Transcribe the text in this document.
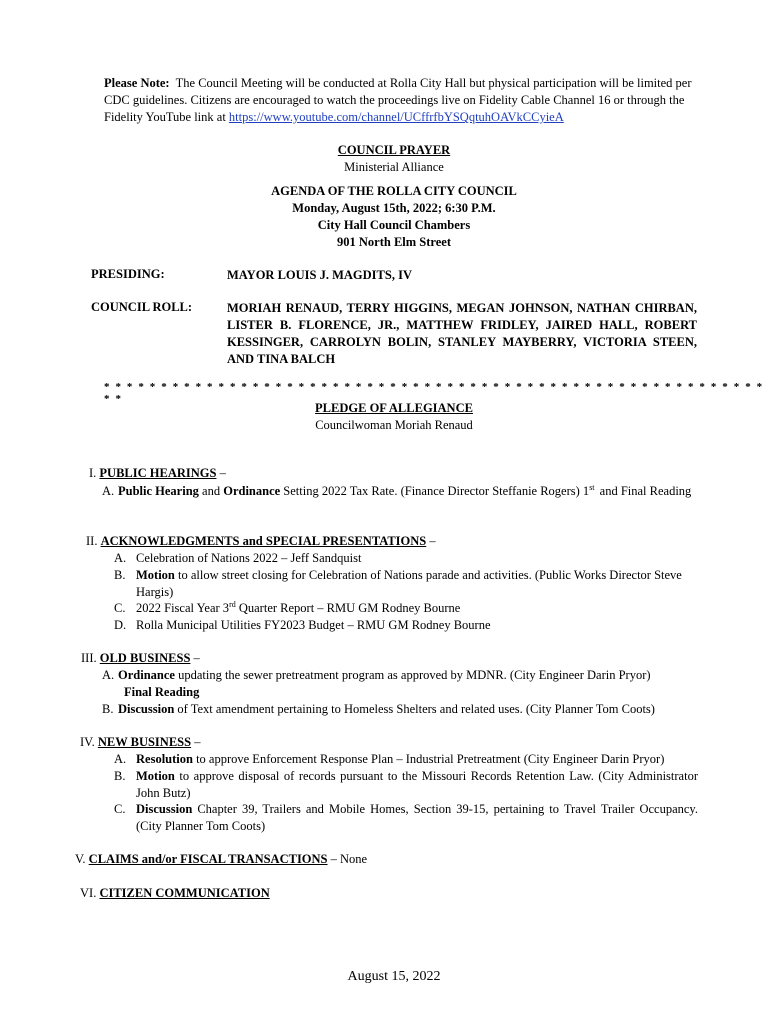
Please Note: The Council Meeting will be conducted at Rolla City Hall but physical participation will be limited per CDC guidelines. Citizens are encouraged to watch the proceedings live on Fidelity Cable Channel 16 or through the Fidelity YouTube link at https://www.youtube.com/channel/UCffrfbYSQqtuhOAVkCCyieA
COUNCIL PRAYER
Ministerial Alliance
AGENDA OF THE ROLLA CITY COUNCIL
Monday, August 15th, 2022; 6:30 P.M.
City Hall Council Chambers
901 North Elm Street
PRESIDING:	MAYOR LOUIS J. MAGDITS, IV
COUNCIL ROLL:	MORIAH RENAUD, TERRY HIGGINS, MEGAN JOHNSON, NATHAN CHIRBAN, LISTER B. FLORENCE, JR., MATTHEW FRIDLEY, JAIRED HALL, ROBERT KESSINGER, CARROLYN BOLIN, STANLEY MAYBERRY, VICTORIA STEEN, AND TINA BALCH
* * * * * * * * * * * * * * * * * * * * * * * * * * * * * * * * * * * * * * * * * * * * * * * * * * * * * * * * * * * *
PLEDGE OF ALLEGIANCE
Councilwoman Moriah Renaud
I. PUBLIC HEARINGS –
A. Public Hearing and Ordinance Setting 2022 Tax Rate. (Finance Director Steffanie Rogers) 1st and Final Reading
II. ACKNOWLEDGMENTS and SPECIAL PRESENTATIONS –
A. Celebration of Nations 2022 – Jeff Sandquist
B. Motion to allow street closing for Celebration of Nations parade and activities. (Public Works Director Steve Hargis)
C. 2022 Fiscal Year 3rd Quarter Report – RMU GM Rodney Bourne
D. Rolla Municipal Utilities FY2023 Budget – RMU GM Rodney Bourne
III. OLD BUSINESS –
A. Ordinance updating the sewer pretreatment program as approved by MDNR. (City Engineer Darin Pryor)
Final Reading
B. Discussion of Text amendment pertaining to Homeless Shelters and related uses. (City Planner Tom Coots)
IV. NEW BUSINESS –
A. Resolution to approve Enforcement Response Plan – Industrial Pretreatment (City Engineer Darin Pryor)
B. Motion to approve disposal of records pursuant to the Missouri Records Retention Law. (City Administrator John Butz)
C. Discussion Chapter 39, Trailers and Mobile Homes, Section 39-15, pertaining to Travel Trailer Occupancy. (City Planner Tom Coots)
V. CLAIMS and/or FISCAL TRANSACTIONS – None
VI. CITIZEN COMMUNICATION
August 15, 2022
